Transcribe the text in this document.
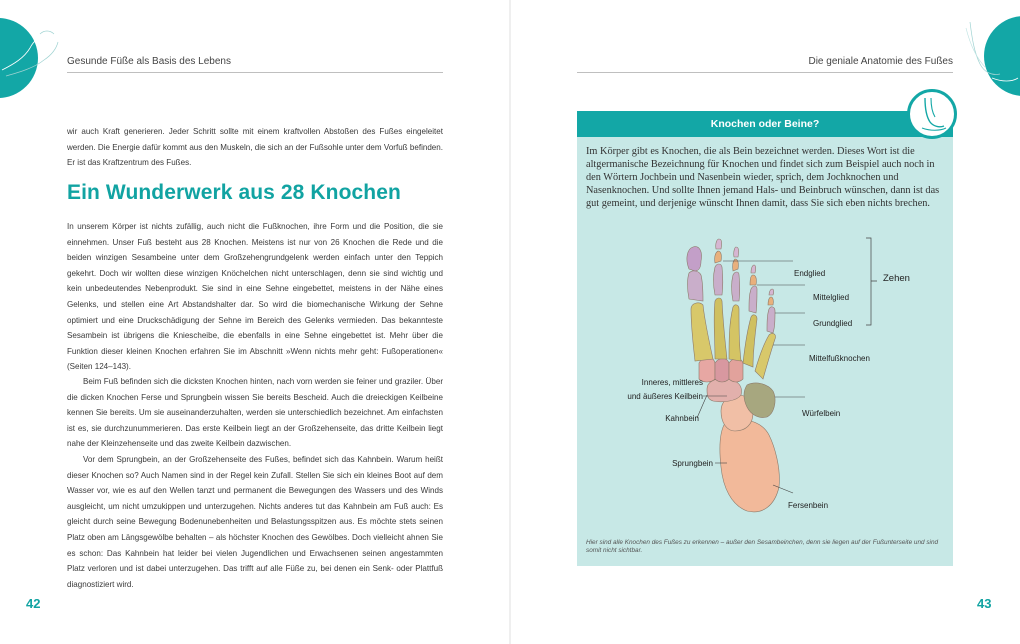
Gesunde Füße als Basis des Lebens	Die geniale Anatomie des Fußes

wir auch Kraft generieren. Jeder Schritt sollte mit einem kraftvollen Abstoßen des Fußes eingeleitet werden. Die Energie dafür kommt aus den Muskeln, die sich an der Fußsohle unter dem Vorfuß befinden. Er ist das Kraftzentrum des Fußes.

Ein Wunderwerk aus 28 Knochen

In unserem Körper ist nichts zufällig, auch nicht die Fußknochen, ihre Form und die Position, die sie einnehmen. Unser Fuß besteht aus 28 Knochen. Meistens ist nur von 26 Knochen die Rede und die beiden winzigen Sesambeine unter dem Großzehengrundgelenk werden einfach unter den Teppich gekehrt. Doch wir wollten diese winzigen Knöchelchen nicht unterschlagen, denn sie sind wichtig und kein unbedeutendes Nebenprodukt. Sie sind in eine Sehne eingebettet, meistens in der Nähe eines Gelenks, und stellen eine Art Abstandshalter dar. So wird die biomechanische Wirkung der Sehne optimiert und eine Druckschädigung der Sehne im Bereich des Gelenks vermieden. Das bekannteste Sesambein ist übrigens die Kniescheibe, die ebenfalls in eine Sehne eingebettet ist. Mehr über die Funktion dieser kleinen Knochen erfahren Sie im Abschnitt »Wenn nichts mehr geht: Fußoperationen« (Seiten 124–143).

Beim Fuß befinden sich die dicksten Knochen hinten, nach vorn werden sie feiner und graziler. Über die dicken Knochen Ferse und Sprungbein wissen Sie bereits Bescheid. Auch die dreieckigen Keilbeine kennen Sie bereits. Um sie auseinanderzuhalten, werden sie unterschiedlich bezeichnet. Am einfachsten ist es, sie durchzunummerieren. Das erste Keilbein liegt an der Großzehenseite, das dritte Keilbein liegt nahe der Kleinzehenseite und das zweite Keilbein dazwischen.

Vor dem Sprungbein, an der Großzehenseite des Fußes, befindet sich das Kahnbein. Warum heißt dieser Knochen so? Auch Namen sind in der Regel kein Zufall. Stellen Sie sich ein kleines Boot auf dem Wasser vor, wie es auf den Wellen tanzt und permanent die Bewegungen des Wassers und des Winds ausgleicht, um nicht umzukippen und unterzugehen. Nichts anderes tut das Kahnbein am Fuß auch: Es gleicht durch seine Bewegung Bodenunebenheiten und Belastungsspitzen aus. Es möchte stets seinen Platz oben am Längsgewölbe behalten – als höchster Knochen des Gewölbes. Doch vielleicht ahnen Sie es schon: Das Kahnbein hat leider bei vielen Jugendlichen und Erwachsenen seinen angestammten Platz verloren und ist dabei unterzugehen. Das trifft auf alle Füße zu, bei denen ein Senk- oder Plattfuß diagnostiziert wird.

42	43
Knochen oder Beine?

Im Körper gibt es Knochen, die als Bein bezeichnet werden. Dieses Wort ist die altgermanische Bezeichnung für Knochen und findet sich zum Beispiel auch noch in den Wörtern Jochbein und Nasenbein wieder, sprich, dem Jochknochen und Nasenknochen. Und sollte Ihnen jemand Hals- und Beinbruch wünschen, dann ist das gut gemeint, und derjenige wünscht Ihnen damit, dass Sie sich eben nichts brechen.

Endglied
Mittelglied
Grundglied
Zehen
Mittelfußknochen
Inneres, mittleres
und äußeres Keilbein
Würfelbein
Kahnbein
Sprungbein
Fersenbein

Hier sind alle Knochen des Fußes zu erkennen – außer den Sesambeinchen, denn sie liegen auf der Fußunterseite und sind somit nicht sichtbar.
